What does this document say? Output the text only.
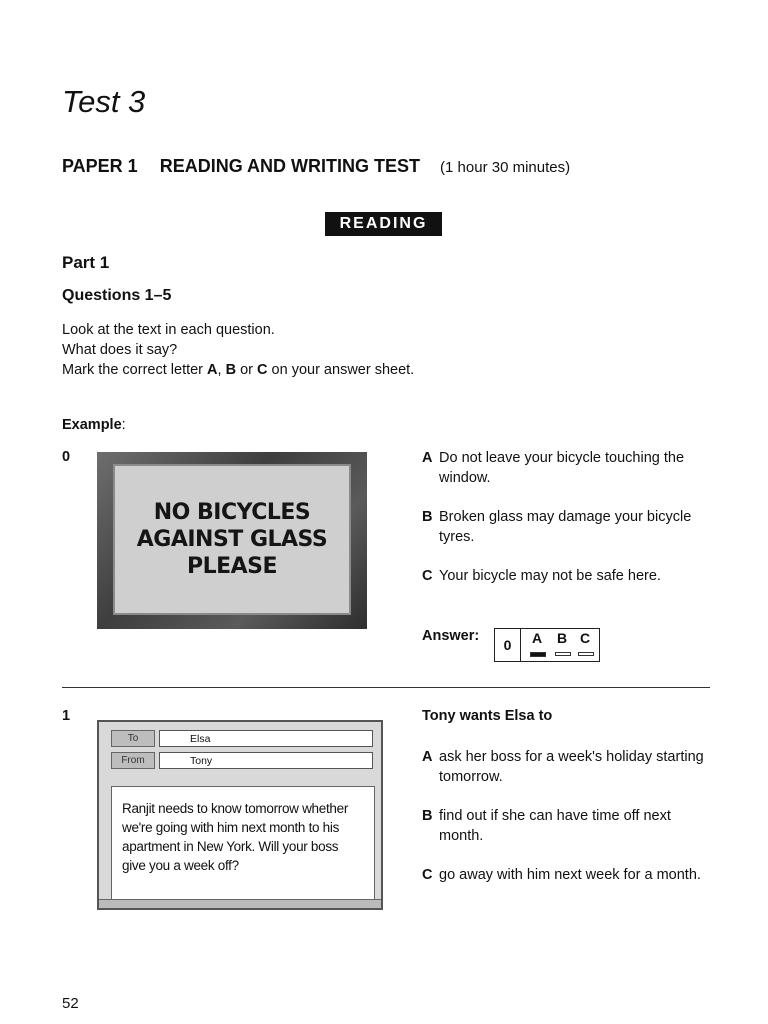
Test 3
PAPER 1 READING AND WRITING TEST (1 hour 30 minutes)
READING
Part 1
Questions 1–5
Look at the text in each question.
What does it say?
Mark the correct letter A, B or C on your answer sheet.
Example:
0
NO BICYCLES
AGAINST GLASS
PLEASE
A Do not leave your bicycle touching the window.
B Broken glass may damage your bicycle tyres.
C Your bicycle may not be safe here.
Answer:
0	A B C
1
To	Elsa
From	Tony
Ranjit needs to know tomorrow whether we're going with him next month to his apartment in New York. Will your boss give you a week off?
Tony wants Elsa to
A ask her boss for a week's holiday starting tomorrow.
B find out if she can have time off next month.
C go away with him next week for a month.
52
